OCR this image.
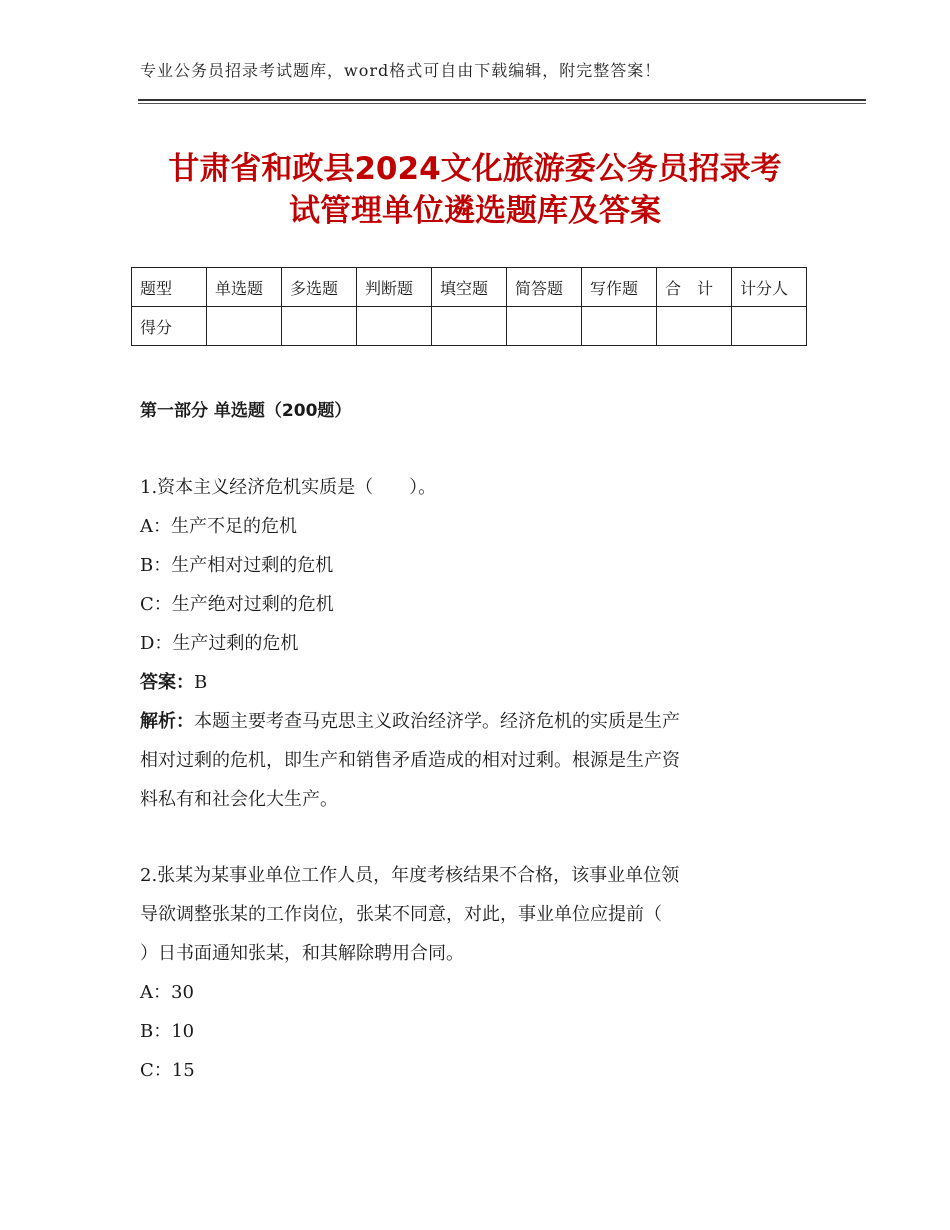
专业公务员招录考试题库，word格式可自由下载编辑，附完整答案！
甘肃省和政县2024文化旅游委公务员招录考
试管理单位遴选题库及答案
题型	单选题	多选题	判断题	填空题	简答题	写作题	合　计	计分人
得分								
第一部分 单选题（200题）
1.资本主义经济危机实质是（　　）。
A：生产不足的危机
B：生产相对过剩的危机
C：生产绝对过剩的危机
D：生产过剩的危机
答案：B
解析：本题主要考查马克思主义政治经济学。经济危机的实质是生产
相对过剩的危机，即生产和销售矛盾造成的相对过剩。根源是生产资
料私有和社会化大生产。
2.张某为某事业单位工作人员，年度考核结果不合格，该事业单位领
导欲调整张某的工作岗位，张某不同意，对此，事业单位应提前（
）日书面通知张某，和其解除聘用合同。
A：30
B：10
C：15
